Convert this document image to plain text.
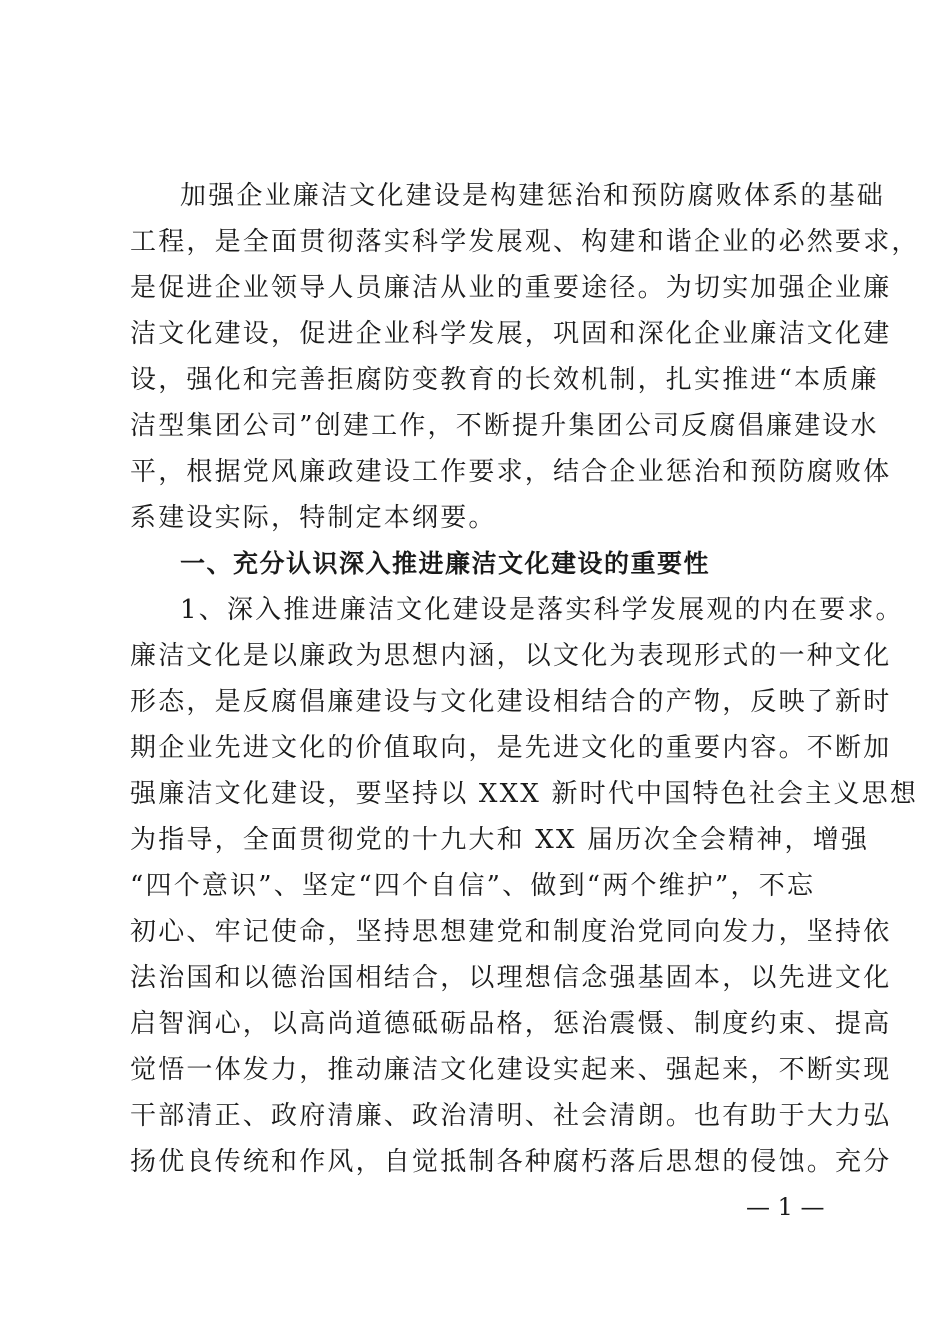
加强企业廉洁文化建设是构建惩治和预防腐败体系的基础
工程，是全面贯彻落实科学发展观、构建和谐企业的必然要求，
是促进企业领导人员廉洁从业的重要途径。为切实加强企业廉
洁文化建设，促进企业科学发展，巩固和深化企业廉洁文化建
设，强化和完善拒腐防变教育的长效机制，扎实推进“本质廉
洁型集团公司”创建工作，不断提升集团公司反腐倡廉建设水
平，根据党风廉政建设工作要求，结合企业惩治和预防腐败体
系建设实际，特制定本纲要。
一、充分认识深入推进廉洁文化建设的重要性
1、深入推进廉洁文化建设是落实科学发展观的内在要求。
廉洁文化是以廉政为思想内涵，以文化为表现形式的一种文化
形态，是反腐倡廉建设与文化建设相结合的产物，反映了新时
期企业先进文化的价值取向，是先进文化的重要内容。不断加
强廉洁文化建设，要坚持以 XXX 新时代中国特色社会主义思想
为指导，全面贯彻党的十九大和 XX 届历次全会精神，增强
“四个意识”、坚定“四个自信”、做到“两个维护”，不忘
初心、牢记使命，坚持思想建党和制度治党同向发力，坚持依
法治国和以德治国相结合，以理想信念强基固本，以先进文化
启智润心，以高尚道德砥砺品格，惩治震慑、制度约束、提高
觉悟一体发力，推动廉洁文化建设实起来、强起来，不断实现
干部清正、政府清廉、政治清明、社会清朗。也有助于大力弘
扬优良传统和作风，自觉抵制各种腐朽落后思想的侵蚀。充分
— 1 —
